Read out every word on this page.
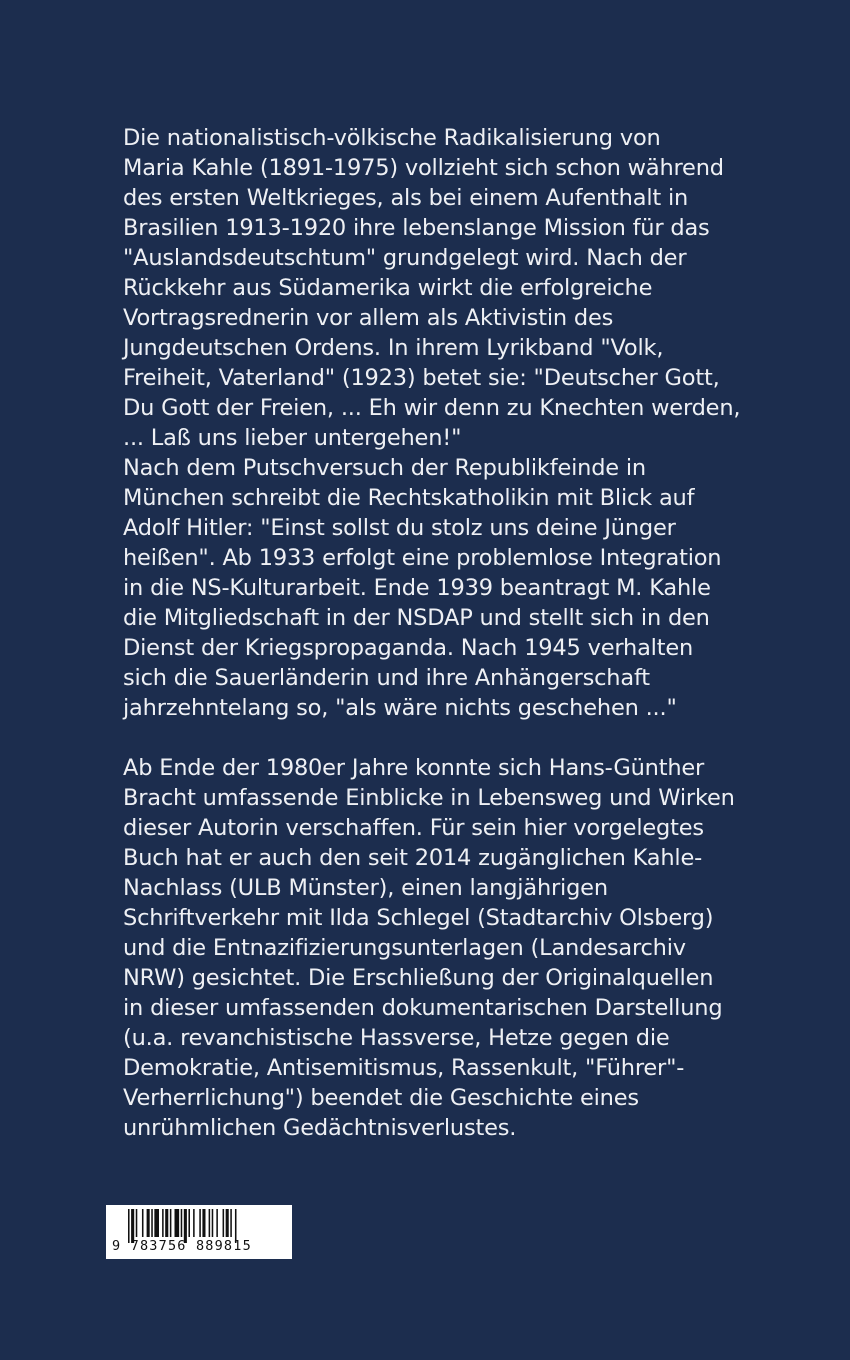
Die nationalistisch-völkische Radikalisierung von
Maria Kahle (1891-1975) vollzieht sich schon während
des ersten Weltkrieges, als bei einem Aufenthalt in
Brasilien 1913-1920 ihre lebenslange Mission für das
"Auslandsdeutschtum" grundgelegt wird. Nach der
Rückkehr aus Südamerika wirkt die erfolgreiche
Vortragsrednerin vor allem als Aktivistin des
Jungdeutschen Ordens. In ihrem Lyrikband "Volk,
Freiheit, Vaterland" (1923) betet sie: "Deutscher Gott,
Du Gott der Freien, ... Eh wir denn zu Knechten werden,
... Laß uns lieber untergehen!"
Nach dem Putschversuch der Republikfeinde in
München schreibt die Rechtskatholikin mit Blick auf
Adolf Hitler: "Einst sollst du stolz uns deine Jünger
heißen". Ab 1933 erfolgt eine problemlose Integration
in die NS-Kulturarbeit. Ende 1939 beantragt M. Kahle
die Mitgliedschaft in der NSDAP und stellt sich in den
Dienst der Kriegspropaganda. Nach 1945 verhalten
sich die Sauerländerin und ihre Anhängerschaft
jahrzehntelang so, "als wäre nichts geschehen ..."
Ab Ende der 1980er Jahre konnte sich Hans-Günther
Bracht umfassende Einblicke in Lebensweg und Wirken
dieser Autorin verschaffen. Für sein hier vorgelegtes
Buch hat er auch den seit 2014 zugänglichen Kahle-
Nachlass (ULB Münster), einen langjährigen
Schriftverkehr mit Ilda Schlegel (Stadtarchiv Olsberg)
und die Entnazifizierungsunterlagen (Landesarchiv
NRW) gesichtet. Die Erschließung der Originalquellen
in dieser umfassenden dokumentarischen Darstellung
(u.a. revanchistische Hassverse, Hetze gegen die
Demokratie, Antisemitismus, Rassenkult, "Führer"-
Verherrlichung") beendet die Geschichte eines
unrühmlichen Gedächtnisverlustes.
9 783756 889815
